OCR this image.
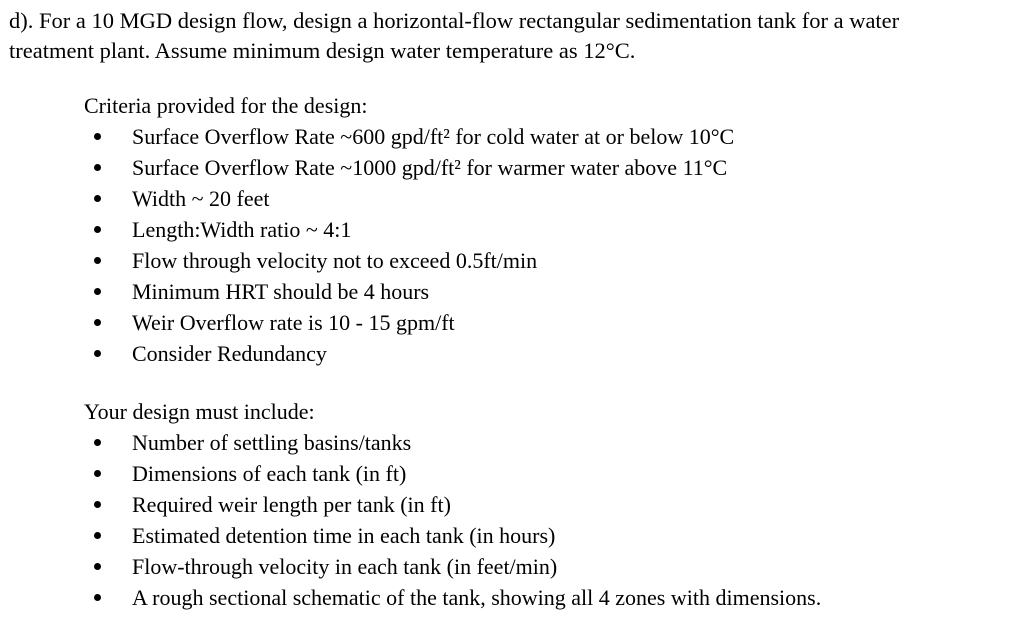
d). For a 10 MGD design flow, design a horizontal-flow rectangular sedimentation tank for a water
treatment plant. Assume minimum design water temperature as 12°C.

Criteria provided for the design:

Surface Overflow Rate ~600 gpd/ft² for cold water at or below 10°C
Surface Overflow Rate ~1000 gpd/ft² for warmer water above 11°C
Width ~ 20 feet
Length:Width ratio ~ 4:1
Flow through velocity not to exceed 0.5ft/min
Minimum HRT should be 4 hours
Weir Overflow rate is 10 - 15 gpm/ft
Consider Redundancy

Your design must include:

Number of settling basins/tanks
Dimensions of each tank (in ft)
Required weir length per tank (in ft)
Estimated detention time in each tank (in hours)
Flow-through velocity in each tank (in feet/min)
A rough sectional schematic of the tank, showing all 4 zones with dimensions.
